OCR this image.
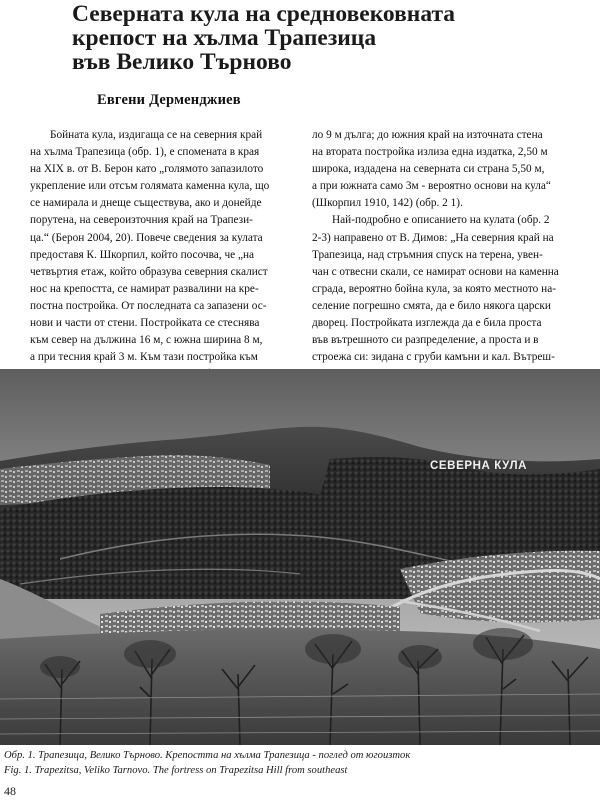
Северната кула на средновековната
крепост на хълма Трапезица
във Велико Търново
Евгени Дерменджиев

Бойната кула, издигаща се на северния край

на хълма Трапезица (обр. 1), е спомената в края

на XIX в. от В. Берон като „голямото запазилото

укрепление или отсъм голямата каменна кула, що

се намирала и днеще съществува, ако и донейде

порутена, на североизточния край на Трапези-

ца.“ (Берон 2004, 20). Повече сведения за кулата

предоставя К. Шкорпил, който посочва, че „на

четвъртия етаж, който образува северния скалист

нос на крепостта, се намират развалини на кре-

постна постройка. От последната са запазени ос-

нови и части от стени. Постройката се стеснява

към север на дължина 16 м, с южна ширина 8 м,

а при тесния край 3 м. Към тази постройка към

ло 9 м дълга; до южния край на източната стена

на втората постройка излиза една издатка, 2,50 м

широка, издадена на северната си страна 5,50 м,

а при южната само 3м - вероятно основи на кула“

(Шкорпил 1910, 142) (обр. 2 1).

Най-подробно е описанието на кулата (обр. 2

2-3) направено от В. Димов: „На северния край на

Трапезица, над стръмния спуск на терена, увен-

чан с отвесни скали, се намират основи на каменна

сграда, вероятно бойна кула, за която местното на-

селение погрешно смята, да е било някога царски

дворец. Постройката изглежда да е била проста

във вътрешното си разпределение, а проста и в

строежа си: зидана с груби камъни и кал. Вътреш-

СЕВЕРНА КУЛА

Обр. 1. Трапезица, Велико Търново. Крепостта на хълма Трапезица - поглед от югоизток

Fig. 1. Trapezitsa, Veliko Tarnovo. The fortress on Trapezitsa Hill from southeast

48
